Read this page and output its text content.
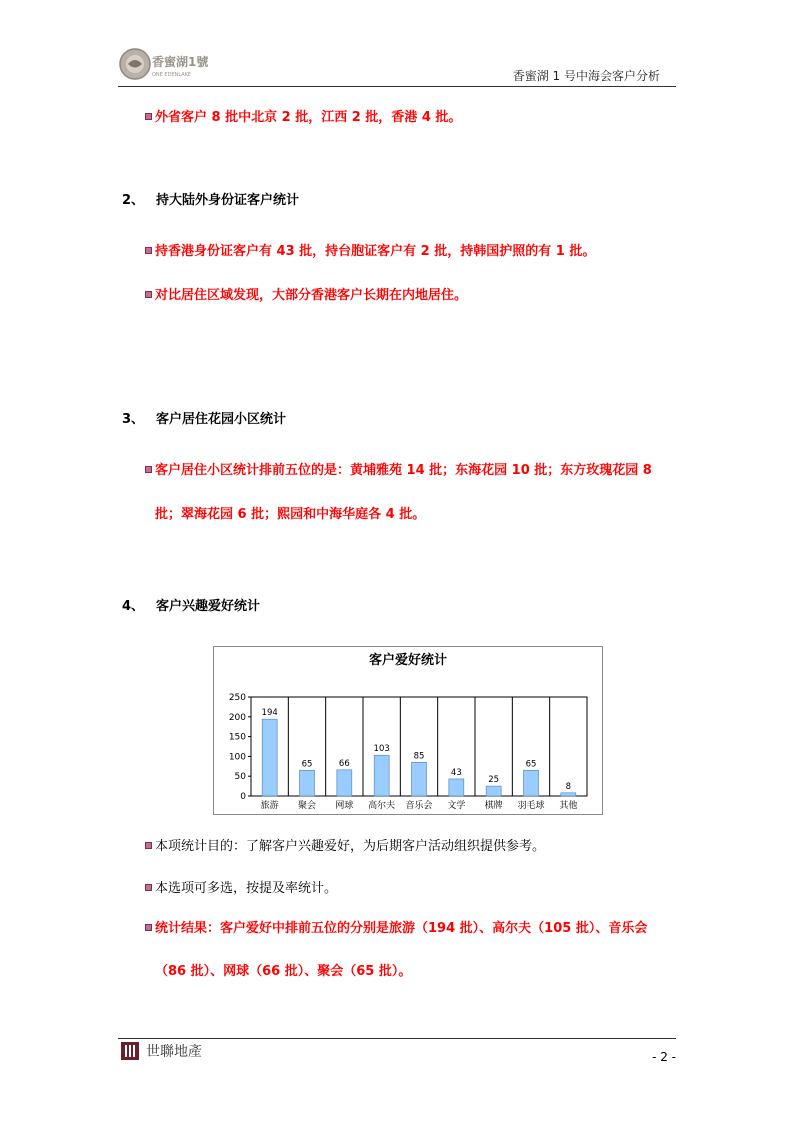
香蜜湖1號
ONE EDENLAKE	香蜜湖 1 号中海会客户分析
外省客户 8 批中北京 2 批，江西 2 批，香港 4 批。
2、 持大陆外身份证客户统计
持香港身份证客户有 43 批，持台胞证客户有 2 批，持韩国护照的有 1 批。
对比居住区域发现，大部分香港客户长期在内地居住。
3、 客户居住花园小区统计
客户居住小区统计排前五位的是：黄埔雅苑 14 批；东海花园 10 批；东方玫瑰花园 8
批；翠海花园 6 批；熙园和中海华庭各 4 批。
4、 客户兴趣爱好统计
客户爱好统计
0
50
100
150
200
250
194
旅游
65
聚会
66
网球
103
高尔夫
85
音乐会
43
文学
25
棋牌
65
羽毛球
8
其他
本项统计目的：了解客户兴趣爱好，为后期客户活动组织提供参考。
本选项可多选，按提及率统计。
统计结果：客户爱好中排前五位的分别是旅游（194 批）、高尔夫（105 批）、音乐会
（86 批）、网球（66 批）、聚会（65 批）。
世聯地產	- 2 -
